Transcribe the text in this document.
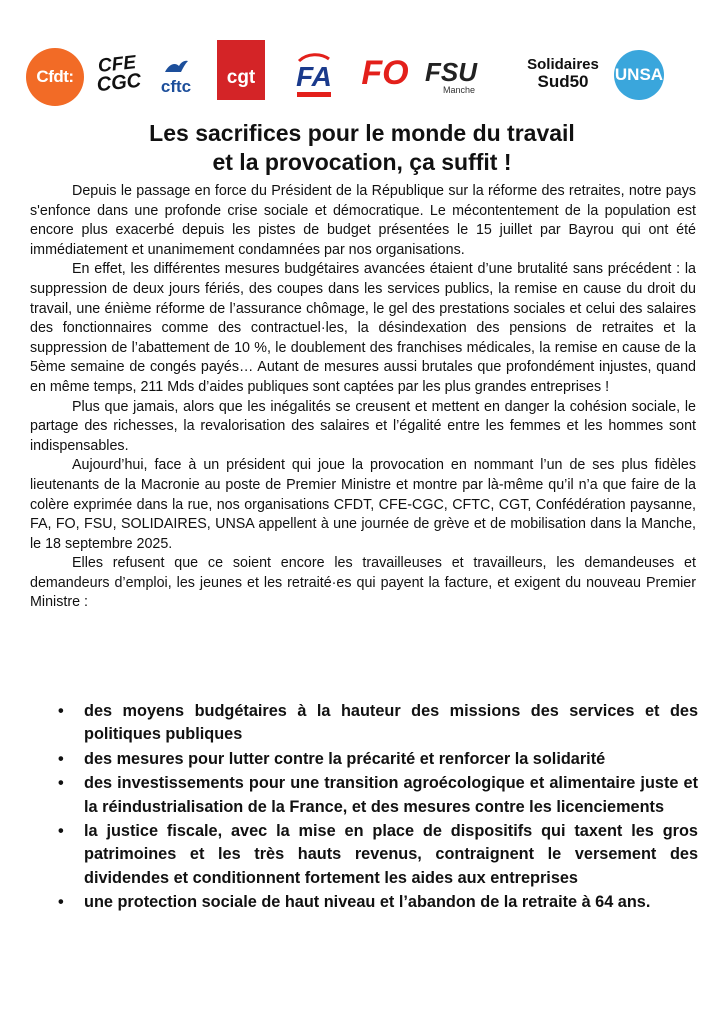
Cfdt: CFE
CGC cftc cgt FA FO FSU
Manche
Solidaires
Sud50 UNSA
Les sacrifices pour le monde du travail
et la provocation, ça suffit !

Depuis le passage en force du Président de la République sur la réforme des retraites, notre pays s'enfonce dans une profonde crise sociale et démocratique. Le mécontentement de la population est encore plus exacerbé depuis les pistes de budget présentées le 15 juillet par Bayrou qui ont été immédiatement et unanimement condamnées par nos organisations.

En effet, les différentes mesures budgétaires avancées étaient d’une brutalité sans précédent : la suppression de deux jours fériés, des coupes dans les services publics, la remise en cause du droit du travail, une énième réforme de l’assurance chômage, le gel des prestations sociales et celui des salaires des fonctionnaires comme des contractuel·les, la désindexation des pensions de retraites et la suppression de l’abattement de 10 %, le doublement des franchises médicales, la remise en cause de la 5ème semaine de congés payés… Autant de mesures aussi brutales que profondément injustes, quand en même temps, 211 Mds d’aides publiques sont captées par les plus grandes entreprises !

Plus que jamais, alors que les inégalités se creusent et mettent en danger la cohésion sociale, le partage des richesses, la revalorisation des salaires et l’égalité entre les femmes et les hommes sont indispensables.

Aujourd’hui, face à un président qui joue la provocation en nommant l’un de ses plus fidèles lieutenants de la Macronie au poste de Premier Ministre et montre par là-même qu’il n’a que faire de la colère exprimée dans la rue, nos organisations CFDT, CFE-CGC, CFTC, CGT, Confédération paysanne, FA, FO, FSU, SOLIDAIRES, UNSA appellent à une journée de grève et de mobilisation dans la Manche, le 18 septembre 2025.

Elles refusent que ce soient encore les travailleuses et travailleurs, les demandeuses et demandeurs d’emploi, les jeunes et les retraité·es qui payent la facture, et exigent du nouveau Premier Ministre :

• des moyens budgétaires à la hauteur des missions des services et des politiques publiques
• des mesures pour lutter contre la précarité et renforcer la solidarité
• des investissements pour une transition agroécologique et alimentaire juste et la réindustrialisation de la France, et des mesures contre les licenciements
• la justice fiscale, avec la mise en place de dispositifs qui taxent les gros patrimoines et les très hauts revenus, contraignent le versement des dividendes et conditionnent fortement les aides aux entreprises
• une protection sociale de haut niveau et l’abandon de la retraite à 64 ans.
